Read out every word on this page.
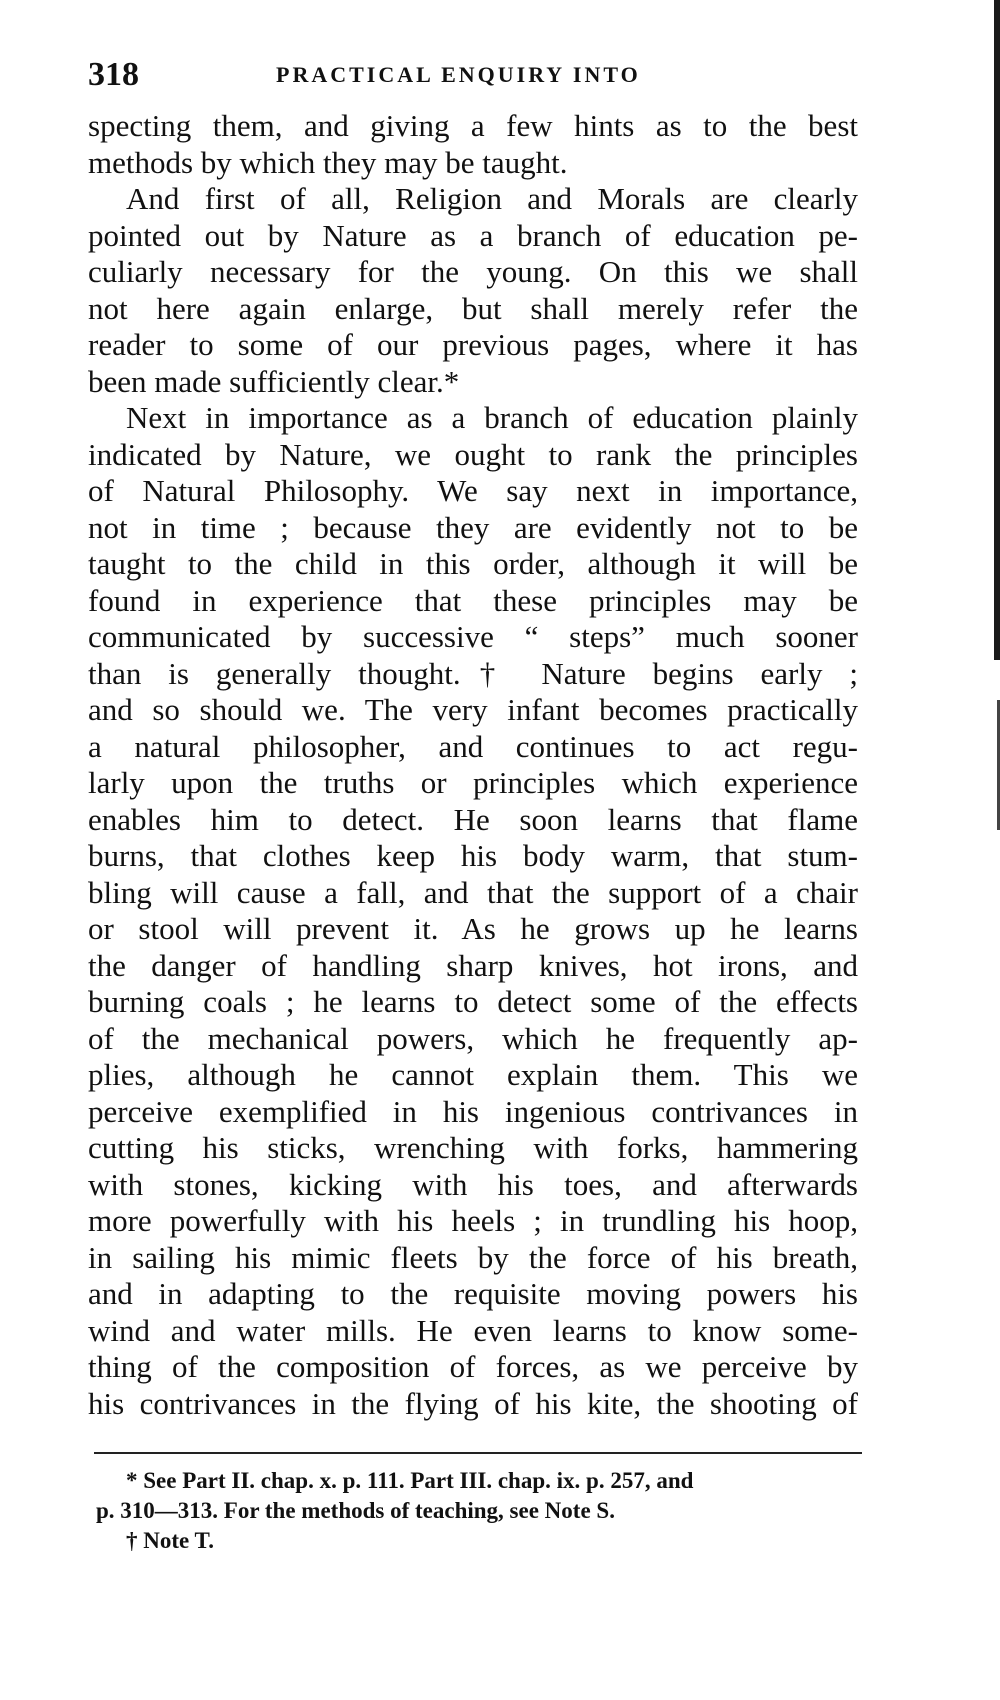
318	PRACTICAL ENQUIRY INTO
specting them, and giving a few hints as to the best
methods by which they may be taught.
And first of all, Religion and Morals are clearly
pointed out by Nature as a branch of education pe-
culiarly necessary for the young. On this we shall
not here again enlarge, but shall merely refer the
reader to some of our previous pages, where it has
been made sufficiently clear.*
Next in importance as a branch of education plainly
indicated by Nature, we ought to rank the principles
of Natural Philosophy. We say next in importance,
not in time ; because they are evidently not to be
taught to the child in this order, although it will be
found in experience that these principles may be
communicated by successive “ steps” much sooner
than is generally thought.† Nature begins early ;
and so should we. The very infant becomes practically
a natural philosopher, and continues to act regu-
larly upon the truths or principles which experience
enables him to detect. He soon learns that flame
burns, that clothes keep his body warm, that stum-
bling will cause a fall, and that the support of a chair
or stool will prevent it. As he grows up he learns
the danger of handling sharp knives, hot irons, and
burning coals ; he learns to detect some of the effects
of the mechanical powers, which he frequently ap-
plies, although he cannot explain them. This we
perceive exemplified in his ingenious contrivances in
cutting his sticks, wrenching with forks, hammering
with stones, kicking with his toes, and afterwards
more powerfully with his heels ; in trundling his hoop,
in sailing his mimic fleets by the force of his breath,
and in adapting to the requisite moving powers his
wind and water mills. He even learns to know some-
thing of the composition of forces, as we perceive by
his contrivances in the flying of his kite, the shooting of
* See Part II. chap. x. p. 111. Part III. chap. ix. p. 257, and
p. 310—313. For the methods of teaching, see Note S.
† Note T.
